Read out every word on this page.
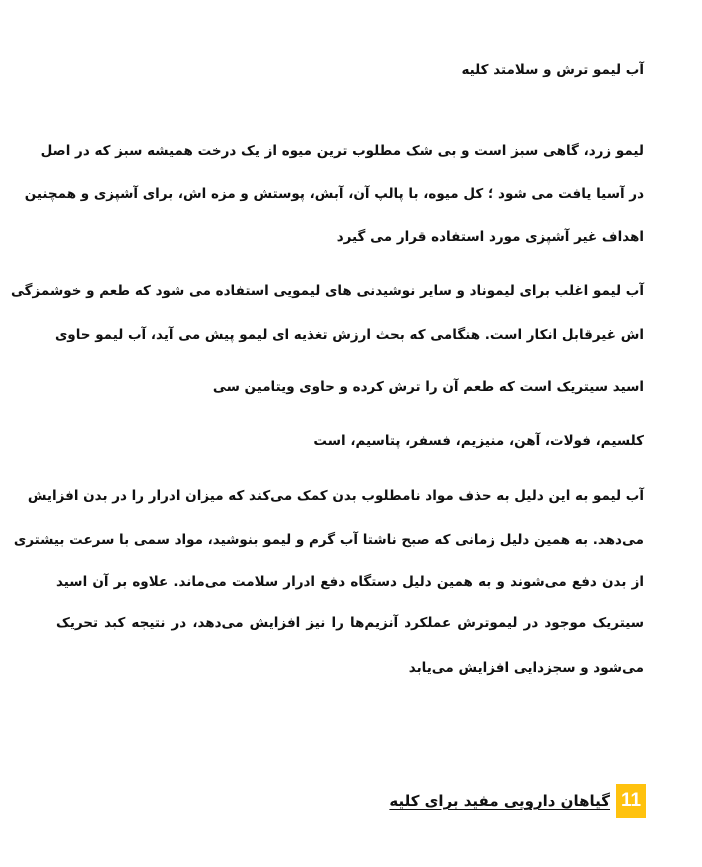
آب لیمو ترش و سلامتد کلیه
لیمو زرد، گاهی سبز است و بی شک مطلوب ترین میوه از یک درخت همیشه سبز که در اصل
در آسیا یافت می شود ؛ کل میوه، با پالپ آن، آبش، پوستش و مزه اش، برای آشپزی و همچنین
اهداف غیر آشپزی مورد استفاده قرار می گیرد
آب لیمو اغلب برای لیموناد و سایر نوشیدنی های لیمویی استفاده می شود که طعم و خوشمزگی
اش غیرقابل انکار است. هنگامی که بحث ارزش تغذیه ای لیمو پیش می آید، آب لیمو حاوی
اسید سیتریک است که طعم آن را ترش کرده و حاوی ویتامین سی
کلسیم، فولات، آهن، منیزیم، فسفر، پتاسیم، است
آب لیمو به این دلیل به حذف مواد نامطلوب بدن کمک می‌کند که میزان ادرار را در بدن افزایش
می‌دهد. به همین دلیل زمانی که صبح ناشتا آب گرم و لیمو بنوشید، مواد سمی با سرعت بیشتری
از بدن دفع می‌شوند و به همین دلیل دستگاه دفع ادرار سلامت می‌ماند. علاوه بر آن اسید
سیتریک موجود در لیموترش عملکرد آنزیم‌ها را نیز افزایش می‌دهد، در نتیجه کبد تحریک
می‌شود و سجزدایی افزایش می‌یابد
گیاهان دارویی مفید برای کلیه 11
